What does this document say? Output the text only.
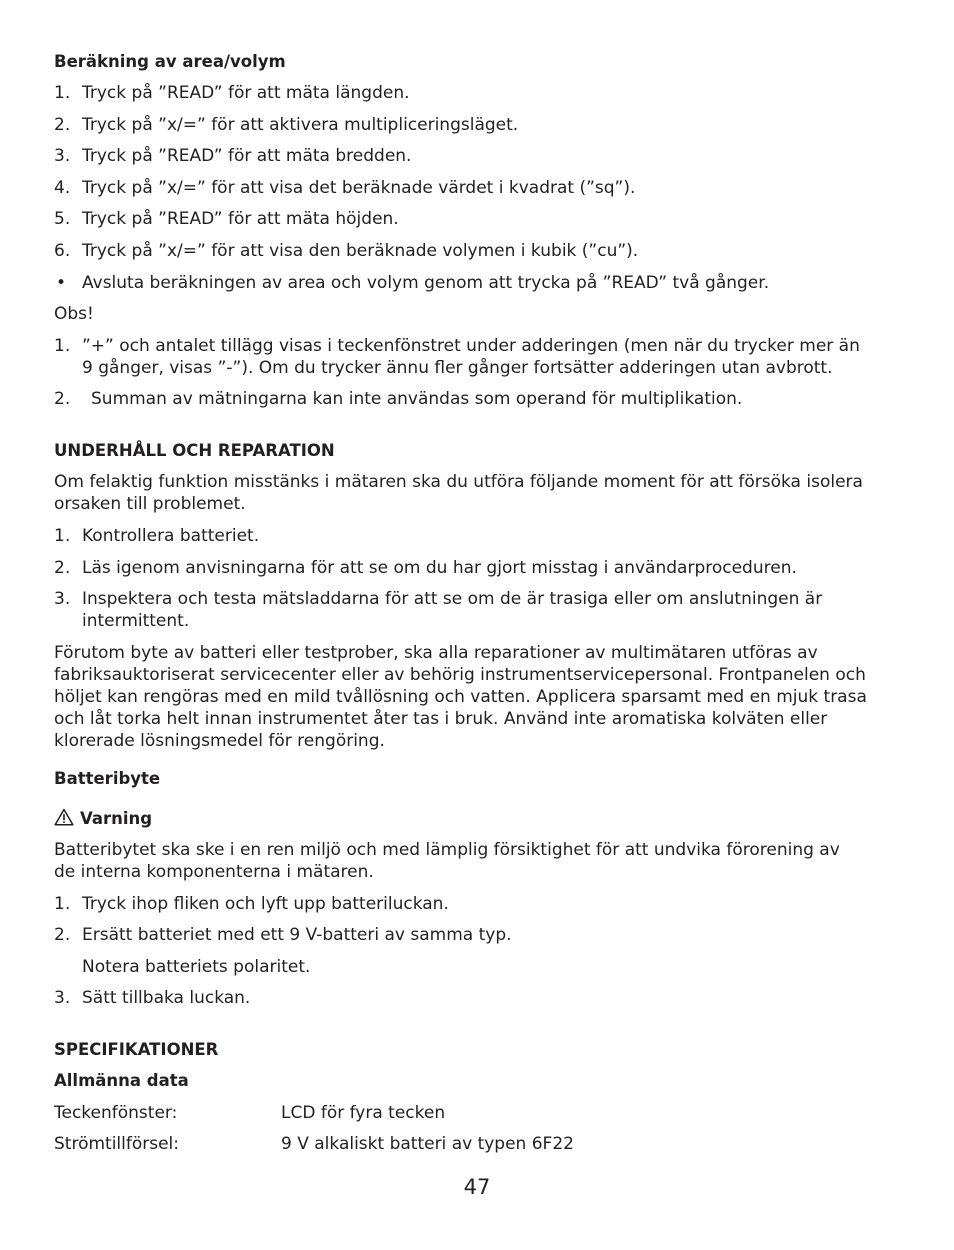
Beräkning av area/volym
1. Tryck på ”READ” för att mäta längden.
2. Tryck på ”x/=” för att aktivera multipliceringsläget.
3. Tryck på ”READ” för att mäta bredden.
4. Tryck på ”x/=” för att visa det beräknade värdet i kvadrat (”sq”).
5. Tryck på ”READ” för att mäta höjden.
6. Tryck på ”x/=” för att visa den beräknade volymen i kubik (”cu”).
• Avsluta beräkningen av area och volym genom att trycka på ”READ” två gånger.
Obs!
1. ”+” och antalet tillägg visas i teckenfönstret under adderingen (men när du trycker mer än
9 gånger, visas ”-”). Om du trycker ännu fler gånger fortsätter adderingen utan avbrott.
2. Summan av mätningarna kan inte användas som operand för multiplikation.
UNDERHÅLL OCH REPARATION
Om felaktig funktion misstänks i mätaren ska du utföra följande moment för att försöka isolera
orsaken till problemet.
1. Kontrollera batteriet.
2. Läs igenom anvisningarna för att se om du har gjort misstag i användarproceduren.
3. Inspektera och testa mätsladdarna för att se om de är trasiga eller om anslutningen är
intermittent.
Förutom byte av batteri eller testprober, ska alla reparationer av multimätaren utföras av
fabriksauktoriserat servicecenter eller av behörig instrumentservicepersonal. Frontpanelen och
höljet kan rengöras med en mild tvållösning och vatten. Applicera sparsamt med en mjuk trasa
och låt torka helt innan instrumentet åter tas i bruk. Använd inte aromatiska kolväten eller
klorerade lösningsmedel för rengöring.
Batteribyte
Varning
Batteribytet ska ske i en ren miljö och med lämplig försiktighet för att undvika förorening av
de interna komponenterna i mätaren.
1. Tryck ihop fliken och lyft upp batteriluckan.
2. Ersätt batteriet med ett 9 V-batteri av samma typ.
Notera batteriets polaritet.
3. Sätt tillbaka luckan.
SPECIFIKATIONER
Allmänna data
Teckenfönster:	LCD för fyra tecken
Strömtillförsel:	9 V alkaliskt batteri av typen 6F22
47
